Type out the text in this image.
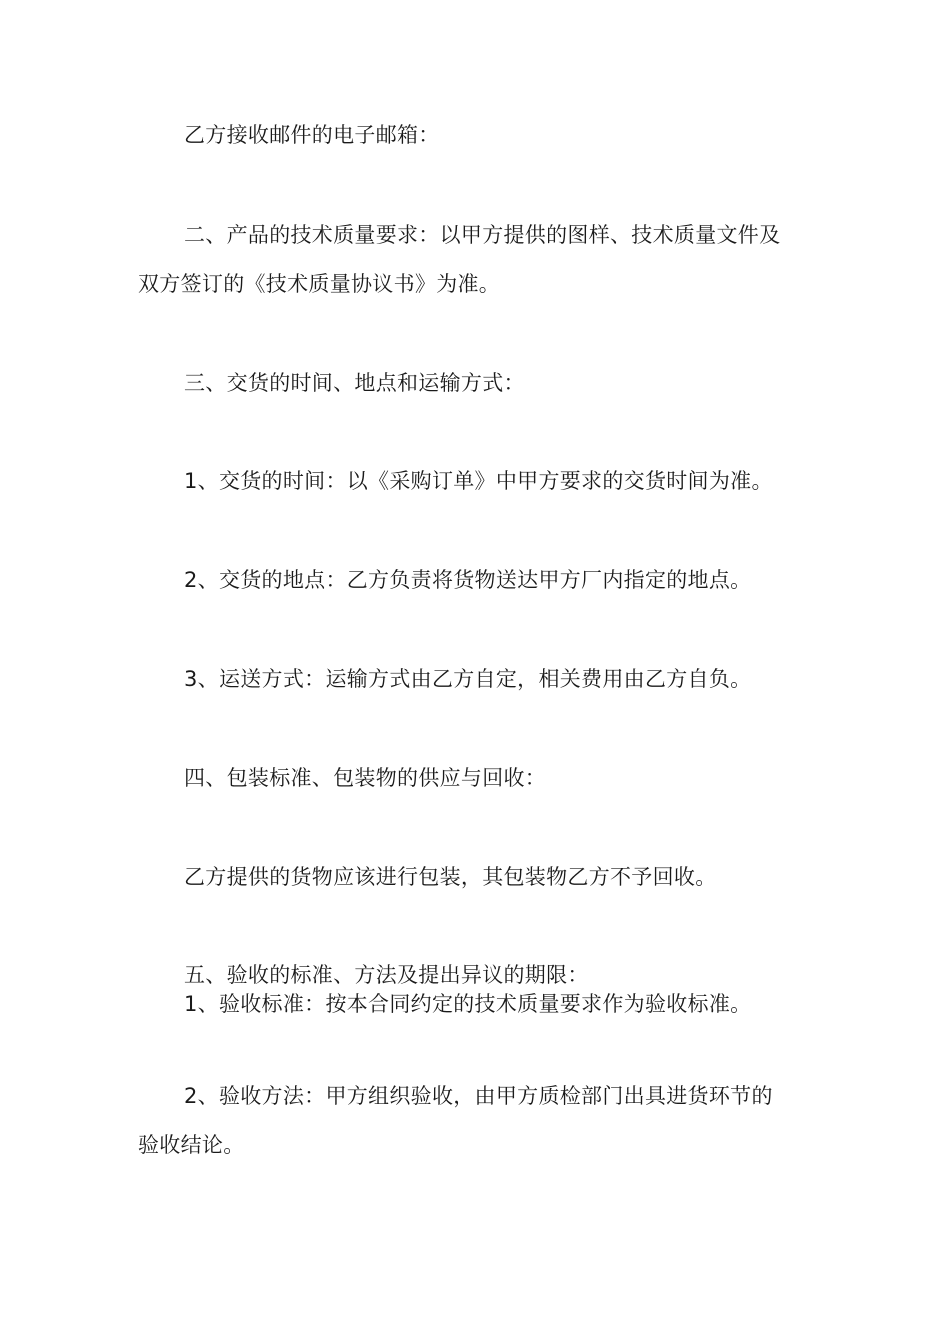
乙方接收邮件的电子邮箱：
二、产品的技术质量要求：以甲方提供的图样、技术质量文件及
双方签订的《技术质量协议书》为准。
三、交货的时间、地点和运输方式：
1、交货的时间：以《采购订单》中甲方要求的交货时间为准。
2、交货的地点：乙方负责将货物送达甲方厂内指定的地点。
3、运送方式：运输方式由乙方自定，相关费用由乙方自负。
四、包装标准、包装物的供应与回收：
乙方提供的货物应该进行包装，其包装物乙方不予回收。
五、验收的标准、方法及提出异议的期限：
1、验收标准：按本合同约定的技术质量要求作为验收标准。
2、验收方法：甲方组织验收，由甲方质检部门出具进货环节的
验收结论。
